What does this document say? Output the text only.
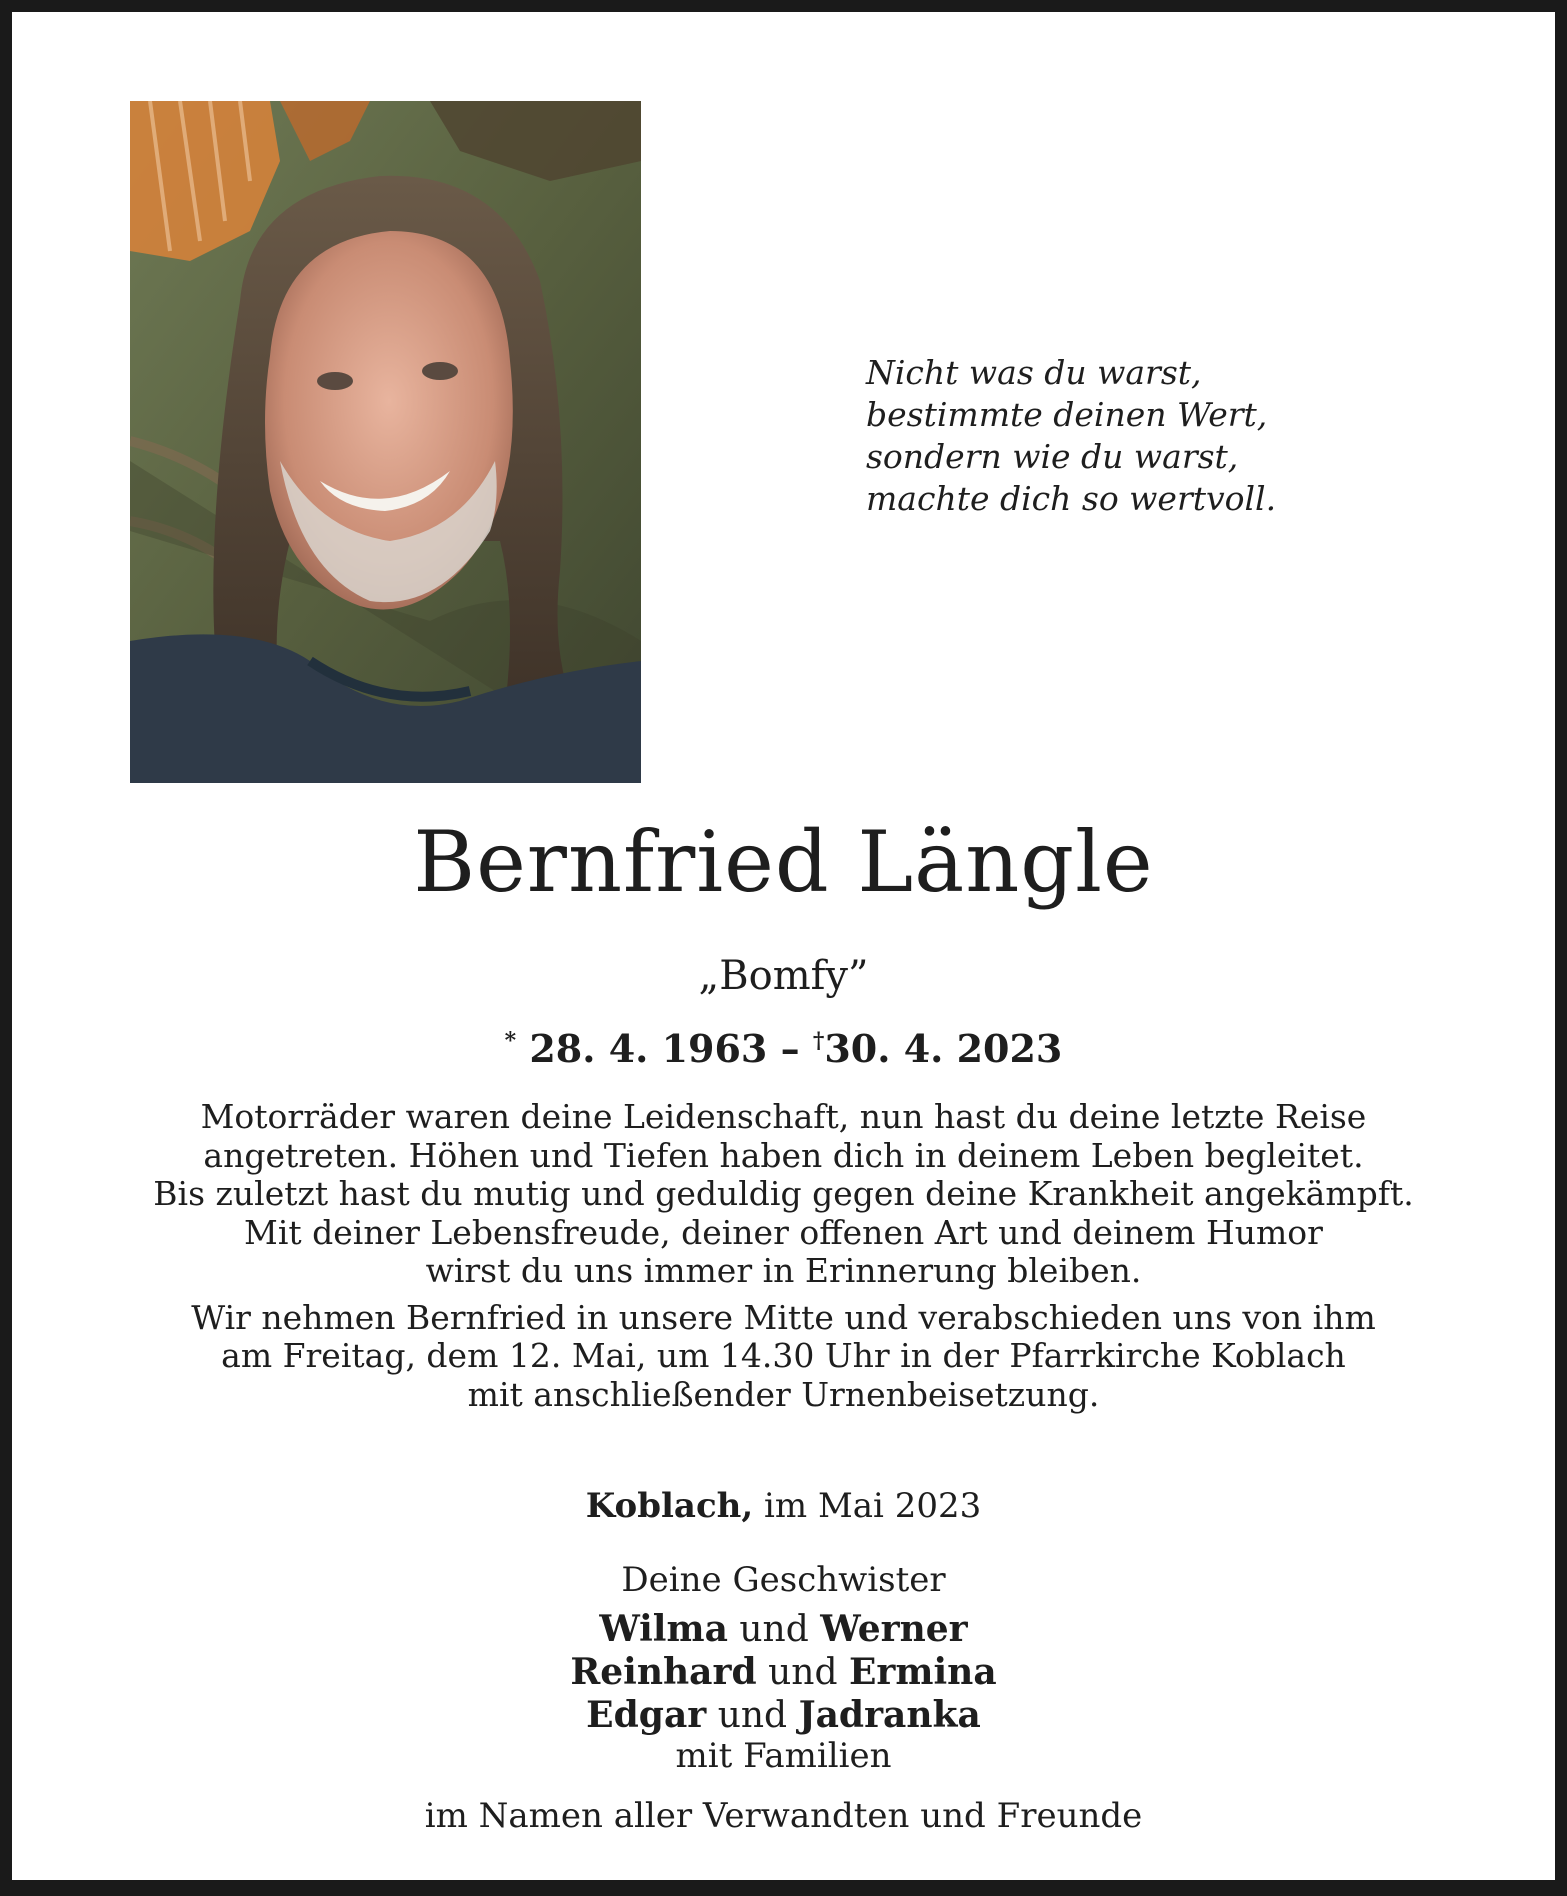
Nicht was du warst,
bestimmte deinen Wert,
sondern wie du warst,
machte dich so wertvoll.
Bernfried Längle
„Bomfy”
* 28. 4. 1963 – †30. 4. 2023
Motorräder waren deine Leidenschaft, nun hast du deine letzte Reise
angetreten. Höhen und Tiefen haben dich in deinem Leben begleitet.
Bis zuletzt hast du mutig und geduldig gegen deine Krankheit angekämpft.
Mit deiner Lebensfreude, deiner offenen Art und deinem Humor
wirst du uns immer in Erinnerung bleiben.
Wir nehmen Bernfried in unsere Mitte und verabschieden uns von ihm
am Freitag, dem 12. Mai, um 14.30 Uhr in der Pfarrkirche Koblach
mit anschließender Urnenbeisetzung.
Koblach, im Mai 2023
Deine Geschwister
Wilma und Werner
Reinhard und Ermina
Edgar und Jadranka
mit Familien
im Namen aller Verwandten und Freunde
